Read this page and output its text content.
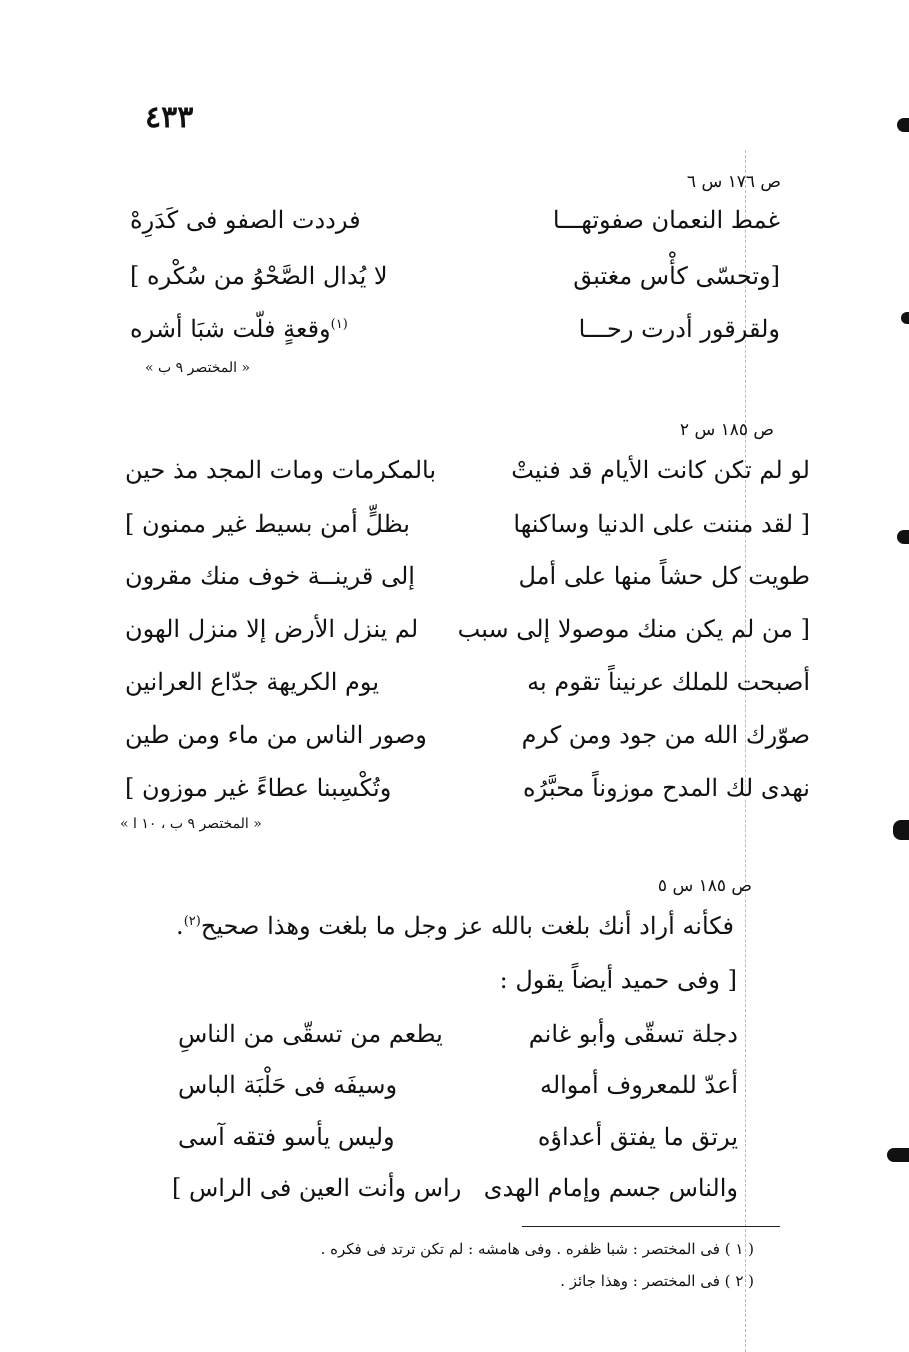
٤٣٣
ص ١٧٦ س ٦
غمط النعمان صفوتهـــا
فرددت الصفو فى كَدَرِهْ
[وتحسّى كأْس مغتبق
لا يُدال الصَّحْوُ من سُكْره ]
ولقرقور أدرت رحـــا
$^{(١)}$وقعةٍ فلّت شبَا أشره
« المختصر ٩ ب »
ص ١٨٥ س ٢
لو لم تكن كانت الأيام قد فنيتْ
بالمكرمات ومات المجد مذ حين
[ لقد مننت على الدنيا وساكنها
بظلٍّ أمن بسيط غير ممنون ]
طويت كل حشاً منها على أمل
إلى قرينــة خوف منك مقرون
[ من لم يكن منك موصولا إلى سبب
لم ينزل الأرض إلا منزل الهون
أصبحت للملك عرنيناً تقوم به
يوم الكريهة جدّاع العرانين
صوّرك الله من جود ومن كرم
وصور الناس من ماء ومن طين
نهدى لك المدح موزوناً محبَّرُه
وتُكْسِبنا عطاءً غير موزون ]
« المختصر ٩ ب ، ١٠ ا »
ص ١٨٥ س ٥
فكأنه أراد أنك بلغت بالله عز وجل ما بلغت وهذا صحيح$^{(٢)}$.
[ وفى حميد أيضاً يقول :
دجلة تسقّى وأبو غانم
يطعم من تسقّى من الناسِ
أعدّ للمعروف أمواله
وسيفَه فى حَلْبَة الباس
يرتق ما يفتق أعداؤه
وليس يأسو فتقه آسى
والناس جسم وإمام الهدى
راس وأنت العين فى الراس ]
( ١ ) فى المختصر : شبا ظفره . وفى هامشه : لم تكن ترتد فى فكره .
( ٢ ) فى المختصر : وهذا جائز .
